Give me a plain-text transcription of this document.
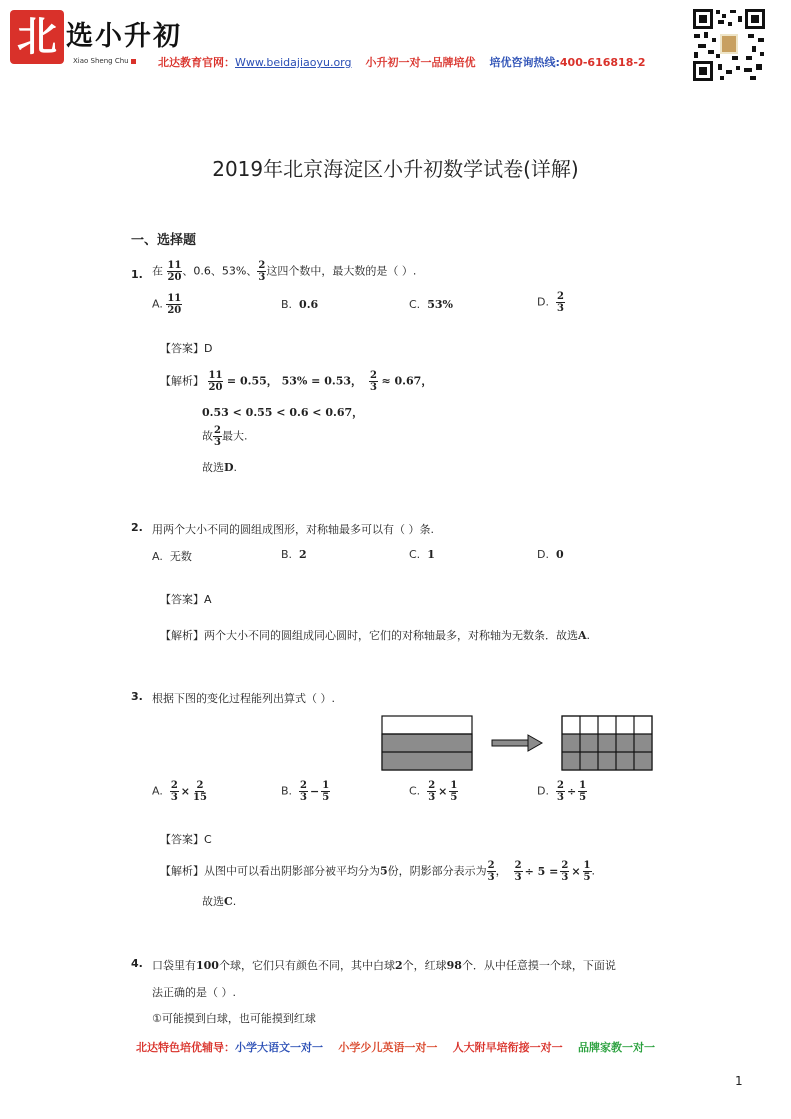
北 选小升初
Xiao Sheng Chu	北达教育官网：Www.beidajiaoyu.org 小升初一对一品牌培优 培优咨询热线:400-616818-2
2019年北京海淀区小升初数学试卷(详解)
一、选择题
1. 在 $\frac{11}{20}$ 、0.6、53%、 $\frac{2}{3}$ 这四个数中，最大数的是（ ）.
A. $\frac{11}{20}$	B. 0.6	C. 53%	D. $\frac{2}{3}$
【答案】D
【解析】 $\frac{11}{20} = 0.55$， 53% = 0.53， $\frac{2}{3} \approx 0.67$，
0.53 < 0.55 < 0.6 < 0.67，
故 $\frac{2}{3}$ 最大.
故选D.
2. 用两个大小不同的圆组成图形，对称轴最多可以有（ ）条.
A. 无数	B. 2	C. 1	D. 0
【答案】A
【解析】两个大小不同的圆组成同心圆时，它们的对称轴最多，对称轴为无数条．故选A.
3. 根据下图的变化过程能列出算式（ ）.
A. $\frac{2}{3} \times \frac{2}{15}$	B. $\frac{2}{3} - \frac{1}{5}$	C. $\frac{2}{3} \times \frac{1}{5}$	D. $\frac{2}{3} \div \frac{1}{5}$
【答案】C
【解析】从图中可以看出阴影部分被平均分为5份，阴影部分表示为 $\frac{2}{3}$ ， $\frac{2}{3} \div 5 = \frac{2}{3} \times \frac{1}{5}$ .
故选C.
4. 口袋里有100个球，它们只有颜色不同，其中白球2个，红球98个．从中任意摸一个球，下面说
法正确的是（ ）.
①可能摸到白球，也可能摸到红球
北达特色培优辅导：小学大语文一对一 小学少儿英语一对一 人大附早培衔接一对一 品牌家教一对一
1
